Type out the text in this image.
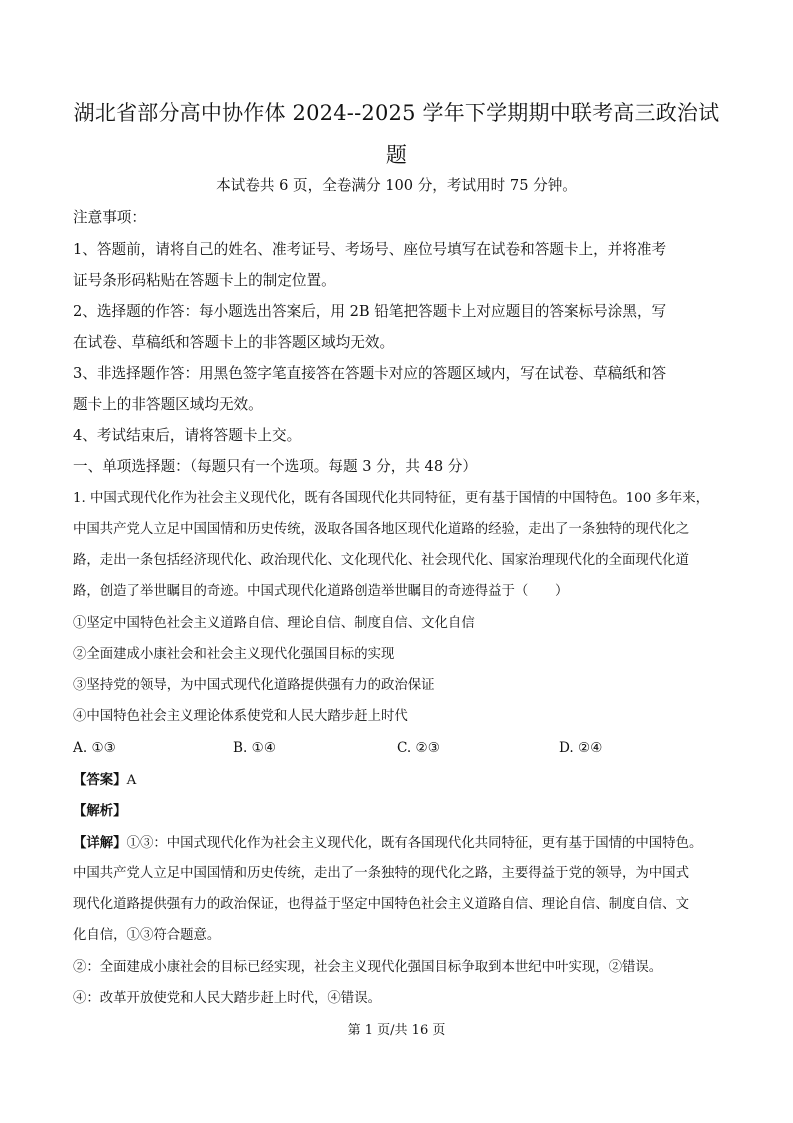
湖北省部分高中协作体 2024--2025 学年下学期期中联考高三政治试题
本试卷共 6 页，全卷满分 100 分，考试用时 75 分钟。
注意事项：
1、答题前，请将自己的姓名、准考证号、考场号、座位号填写在试卷和答题卡上，并将准考
证号条形码粘贴在答题卡上的制定位置。
2、选择题的作答：每小题选出答案后，用 2B 铅笔把答题卡上对应题目的答案标号涂黑，写
在试卷、草稿纸和答题卡上的非答题区域均无效。
3、非选择题作答：用黑色签字笔直接答在答题卡对应的答题区域内，写在试卷、草稿纸和答
题卡上的非答题区域均无效。
4、考试结束后，请将答题卡上交。
一、单项选择题：（每题只有一个选项。每题 3 分，共 48 分）
1. 中国式现代化作为社会主义现代化，既有各国现代化共同特征，更有基于国情的中国特色。100 多年来，
中国共产党人立足中国国情和历史传统，汲取各国各地区现代化道路的经验，走出了一条独特的现代化之
路，走出一条包括经济现代化、政治现代化、文化现代化、社会现代化、国家治理现代化的全面现代化道
路，创造了举世瞩目的奇迹。中国式现代化道路创造举世瞩目的奇迹得益于（　　）
①坚定中国特色社会主义道路自信、理论自信、制度自信、文化自信
②全面建成小康社会和社会主义现代化强国目标的实现
③坚持党的领导，为中国式现代化道路提供强有力的政治保证
④中国特色社会主义理论体系使党和人民大踏步赶上时代
A. ①③	B. ①④	C. ②③	D. ②④
【答案】A
【解析】
【详解】①③：中国式现代化作为社会主义现代化，既有各国现代化共同特征，更有基于国情的中国特色。
中国共产党人立足中国国情和历史传统，走出了一条独特的现代化之路，主要得益于党的领导，为中国式
现代化道路提供强有力的政治保证，也得益于坚定中国特色社会主义道路自信、理论自信、制度自信、文
化自信，①③符合题意。
②：全面建成小康社会的目标已经实现，社会主义现代化强国目标争取到本世纪中叶实现，②错误。
④：改革开放使党和人民大踏步赶上时代，④错误。
第 1 页/共 16 页
